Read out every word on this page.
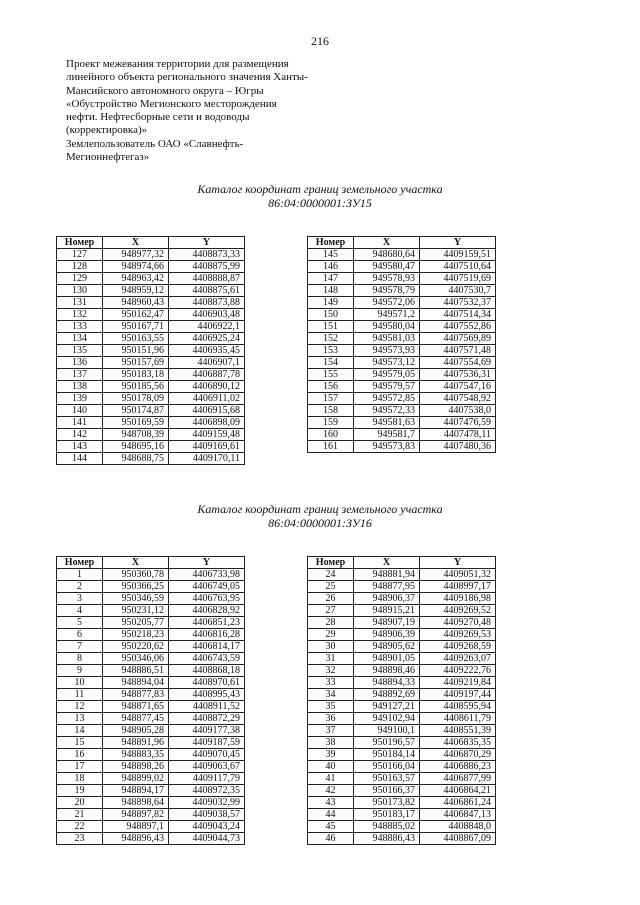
216
Проект межевания территории для размещения
линейного объекта регионального значения Ханты-
Мансийского автономного округа – Югры
«Обустройство Мегионского месторождения
нефти. Нефтесборные сети и водоводы
(корректировка)»
Землепользователь ОАО «Славнефть-
Мегионнефтегаз»
Каталог координат границ земельного участка
86:04:0000001:ЗУ15
Номер	X	Y
127	948977,32	4408873,33
128	948974,66	4408875,99
129	948963,42	4408888,87
130	948959,12	4408875,61
131	948960,43	4408873,88
132	950162,47	4406903,48
133	950167,71	4406922,1
134	950163,55	4406925,24
135	950151,96	4406935,45
136	950157,69	4406907,1
137	950183,18	4406887,78
138	950185,56	4406890,12
139	950178,09	4406911,02
140	950174,87	4406915,68
141	950169,59	4406898,09
142	948708,39	4409159,48
143	948695,16	4409169,61
144	948688,75	4409170,11
Номер	X	Y
145	948680,64	4409159,51
146	949580,47	4407510,64
147	949578,93	4407519,69
148	949578,79	4407530,7
149	949572,06	4407532,37
150	949571,2	4407514,34
151	949580,04	4407552,86
152	949581,03	4407569,89
153	949573,93	4407571,48
154	949573,12	4407554,69
155	949579,05	4407536,31
156	949579,57	4407547,16
157	949572,85	4407548,92
158	949572,33	4407538,0
159	949581,63	4407476,59
160	949581,7	4407478,11
161	949573,83	4407480,36
Каталог координат границ земельного участка
86:04:0000001:ЗУ16
Номер	X	Y
1	950360,78	4406733,98
2	950366,25	4406749,05
3	950346,59	4406763,95
4	950231,12	4406828,92
5	950205,77	4406851,23
6	950218,23	4406816,28
7	950220,62	4406814,17
8	950346,06	4406743,59
9	948886,51	4408868,18
10	948894,04	4408970,61
11	948877,83	4408995,43
12	948871,65	4408911,52
13	948877,45	4408872,29
14	948905,28	4409177,38
15	948891,96	4409187,59
16	948883,35	4409070,45
17	948898,26	4409063,67
18	948899,02	4409117,79
19	948894,17	4408972,35
20	948898,64	4409032,99
21	948897,82	4409038,57
22	948897,1	4409043,24
23	948896,43	4409044,73
Номер	X	Y
24	948881,94	4409051,32
25	948877,95	4408997,17
26	948906,37	4409186,98
27	948915,21	4409269,52
28	948907,19	4409270,48
29	948906,39	4409269,53
30	948905,62	4409268,59
31	948901,05	4409263,07
32	948898,46	4409222,76
33	948894,33	4409219,84
34	948892,69	4409197,44
35	949127,21	4408595,94
36	949102,94	4408611,79
37	949100,1	4408551,39
38	950196,57	4406835,35
39	950184,14	4406870,29
40	950166,04	4406886,23
41	950163,57	4406877,99
42	950166,37	4406864,21
43	950173,82	4406861,24
44	950183,17	4406847,13
45	948885,02	4408848,0
46	948886,43	4408867,09
